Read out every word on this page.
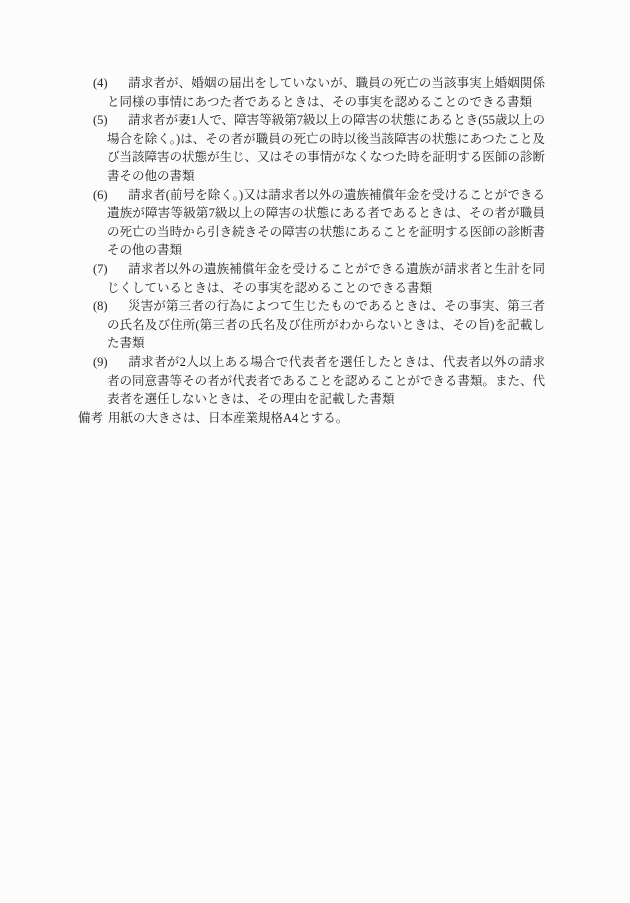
(4) 請求者が、婚姻の届出をしていないが、職員の死亡の当該事実上婚姻関係と同様の事情にあつた者であるときは、その事実を認めることのできる書類

(5) 請求者が妻1人で、障害等級第7級以上の障害の状態にあるとき(55歳以上の場合を除く。)は、その者が職員の死亡の時以後当該障害の状態にあつたこと及び当該障害の状態が生じ、又はその事情がなくなつた時を証明する医師の診断書その他の書類

(6) 請求者(前号を除く。)又は請求者以外の遺族補償年金を受けることができる遺族が障害等級第7級以上の障害の状態にある者であるときは、その者が職員の死亡の当時から引き続きその障害の状態にあることを証明する医師の診断書その他の書類

(7) 請求者以外の遺族補償年金を受けることができる遺族が請求者と生計を同じくしているときは、その事実を認めることのできる書類

(8) 災害が第三者の行為によつて生じたものであるときは、その事実、第三者の氏名及び住所(第三者の氏名及び住所がわからないときは、その旨)を記載した書類

(9) 請求者が2人以上ある場合で代表者を選任したときは、代表者以外の請求者の同意書等その者が代表者であることを認めることができる書類。また、代表者を選任しないときは、その理由を記載した書類

備考 用紙の大きさは、日本産業規格A4とする。
